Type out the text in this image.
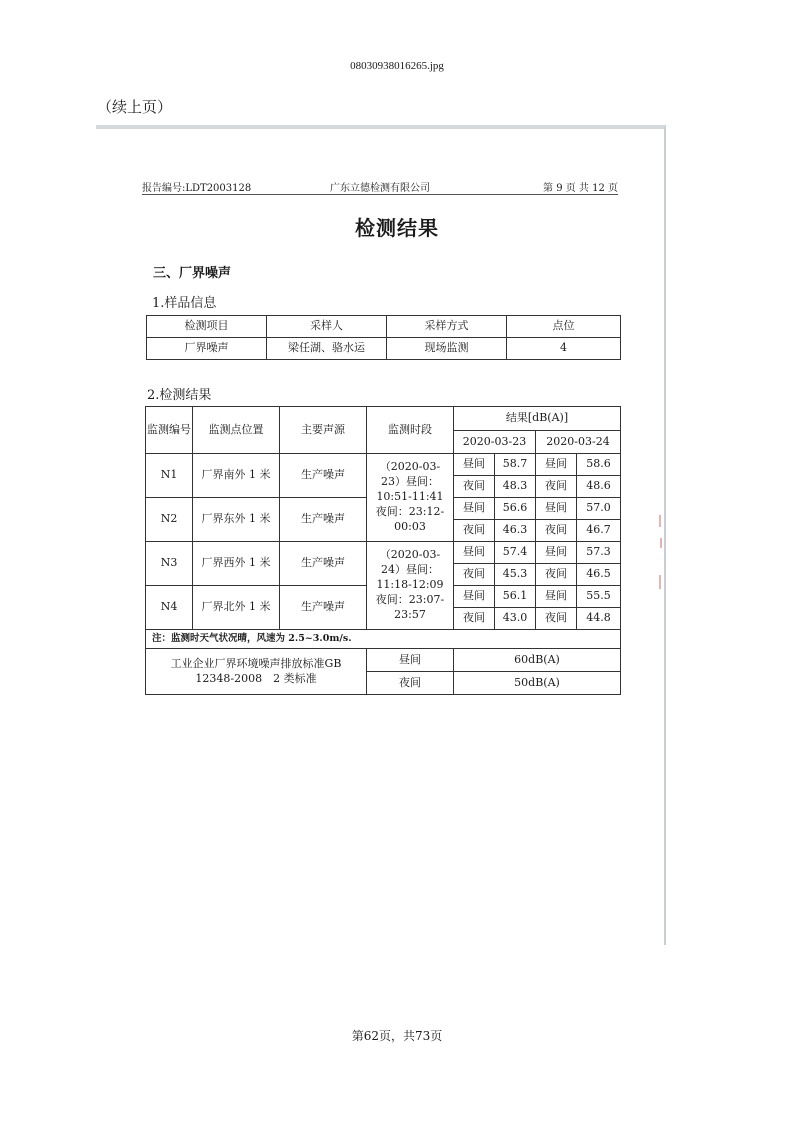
08030938016265.jpg
（续上页）
报告编号:LDT2003128	广东立德检测有限公司	第 9 页 共 12 页
检测结果
三、厂界噪声
1.样品信息
检测项目	采样人	采样方式	点位
厂界噪声	梁任湖、骆水运	现场监测	4
2.检测结果
监测编号	监测点位置	主要声源	监测时段	结果[dB(A)]			
				2020-03-23		2020-03-24	
N1	厂界南外 1 米	生产噪声	（2020-03-23）昼间：10:51-11:41夜间：23:12-00:03	昼间	58.7	昼间	58.6
				夜间	48.3	夜间	48.6
N2	厂界东外 1 米	生产噪声		昼间	56.6	昼间	57.0
				夜间	46.3	夜间	46.7
N3	厂界西外 1 米	生产噪声	（2020-03-24）昼间：11:18-12:09夜间：23:07-23:57	昼间	57.4	昼间	57.3
				夜间	45.3	夜间	46.5
N4	厂界北外 1 米	生产噪声		昼间	56.1	昼间	55.5
				夜间	43.0	夜间	44.8
注：监测时天气状况晴，风速为 2.5~3.0m/s.							
工业企业厂界环境噪声排放标准GB 12348-2008　2 类标准			昼间	60dB(A)			
			夜间	50dB(A)			
第62页，共73页
